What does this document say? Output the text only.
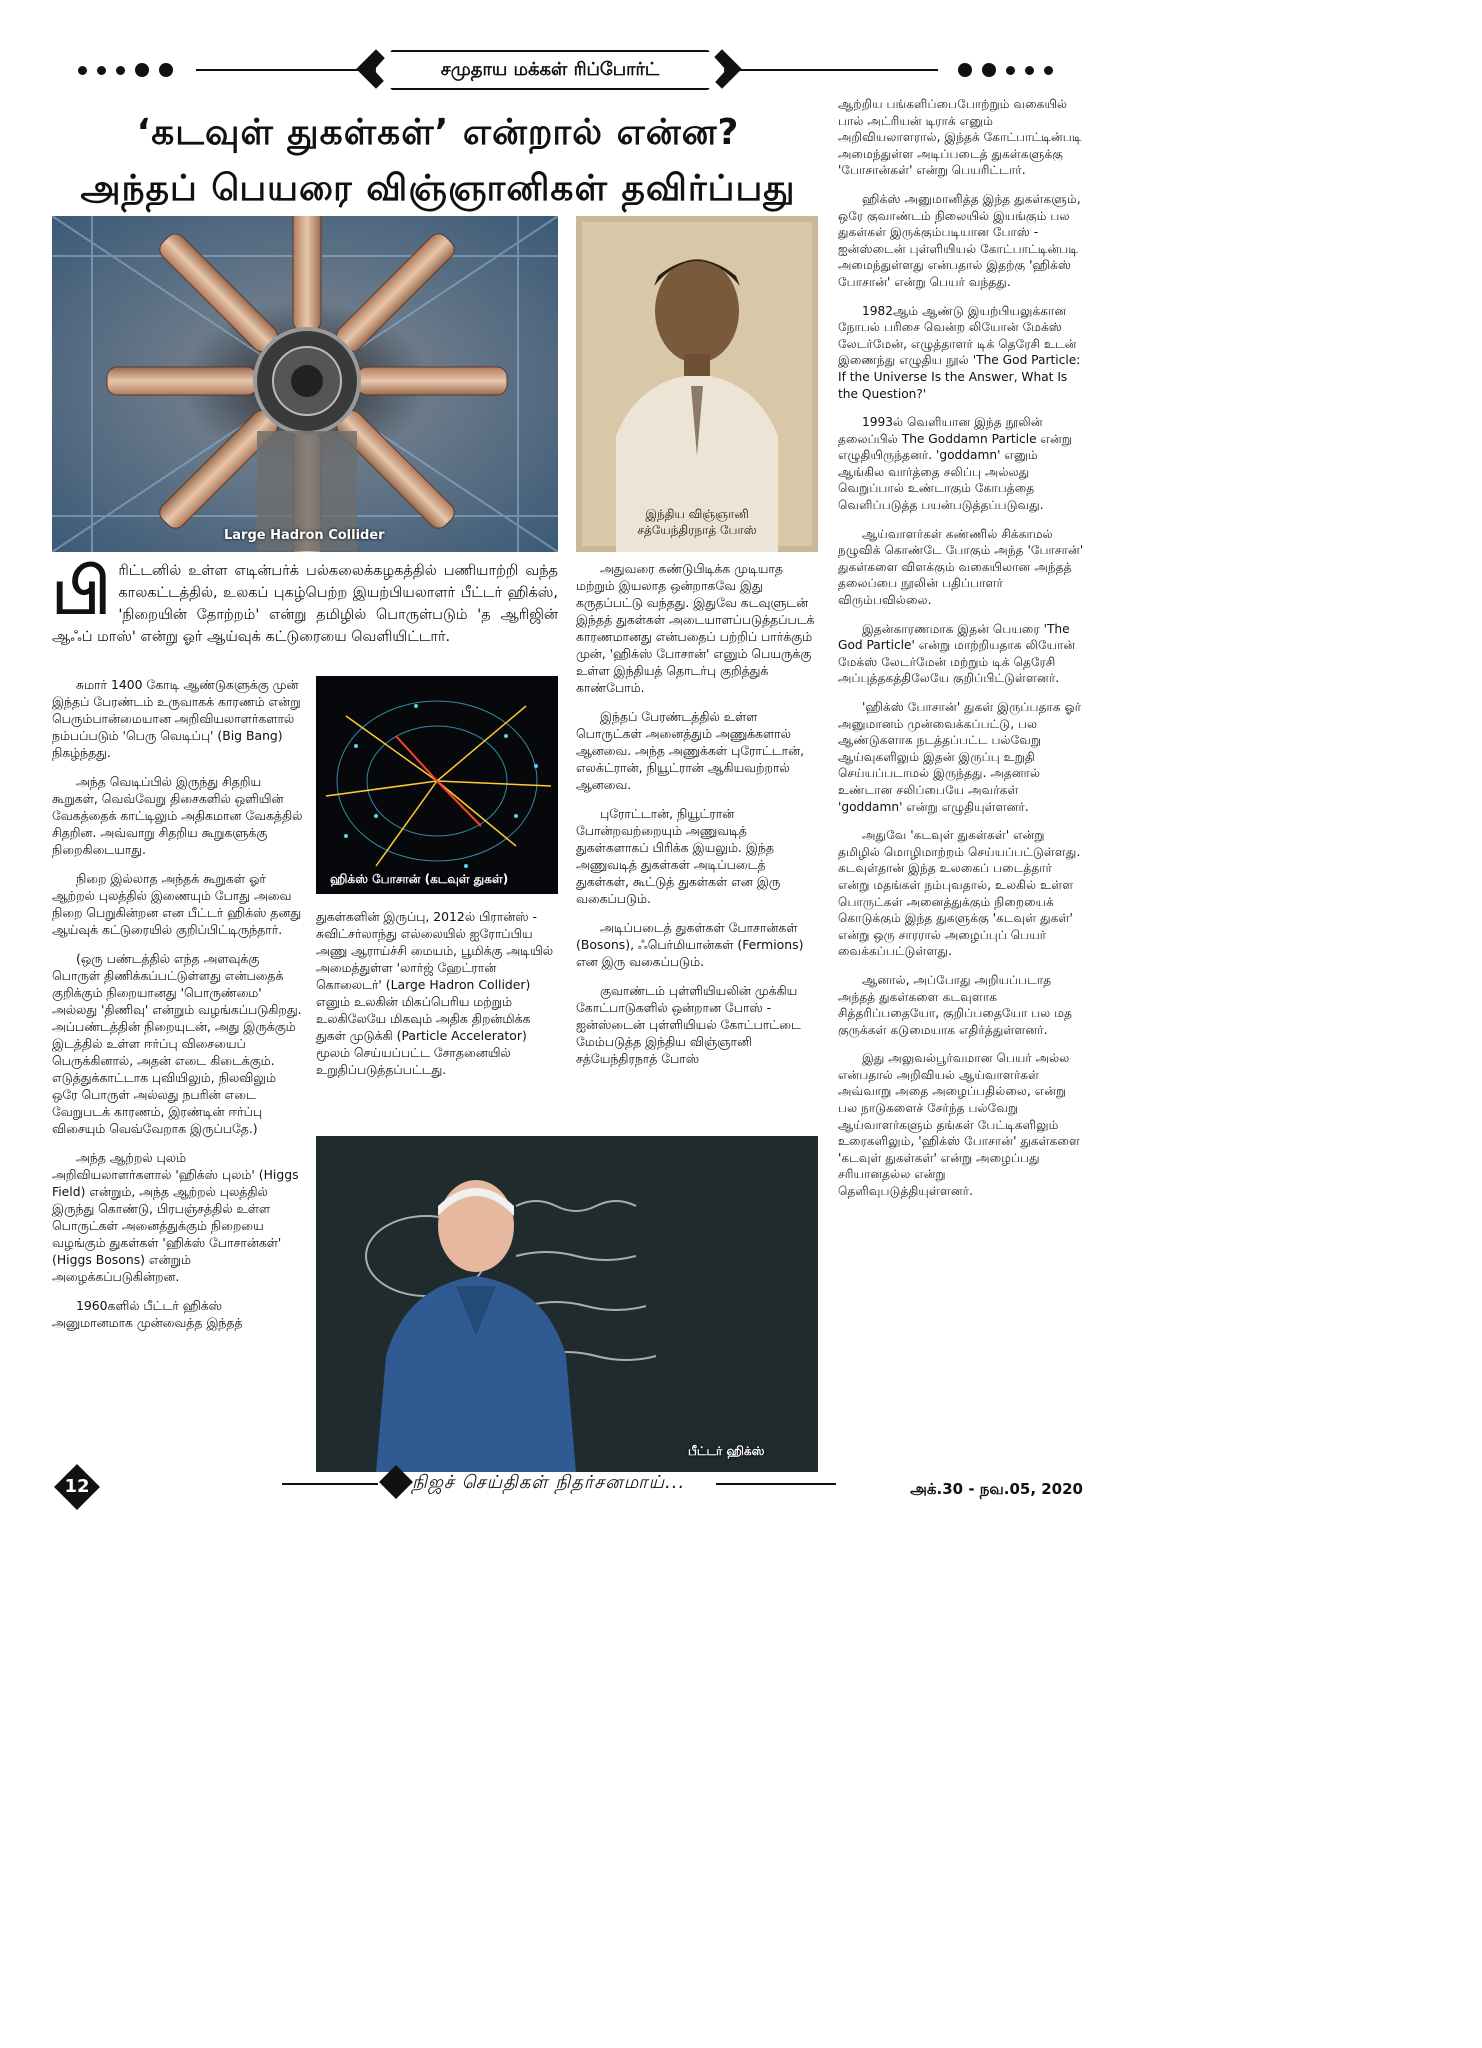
சமுதாய மக்கள் ரிப்போர்ட்
‘கடவுள் துகள்கள்’ என்றால் என்ன?
அந்தப் பெயரை விஞ்ஞானிகள் தவிர்ப்பது
Large Hadron Collider
இந்திய விஞ்ஞானி
சத்யேந்திரநாத் போஸ்
பி ரிட்டனில் உள்ள எடின்பர்க் பல்கலைக்கழகத்தில் பணியாற்றி வந்த காலகட்டத்தில், உலகப் புகழ்பெற்ற இயற்பியலாளர் பீட்டர் ஹிக்ஸ், 'நிறையின் தோற்றம்' என்று தமிழில் பொருள்படும் 'த ஆரிஜின் ஆஃப் மாஸ்' என்று ஓர் ஆய்வுக் கட்டுரையை வெளியிட்டார்.

சுமார் 1400 கோடி ஆண்டுகளுக்கு முன் இந்தப் பேரண்டம் உருவாகக் காரணம் என்று பெரும்பான்மையான அறிவியலாளர்களால் நம்பப்படும் 'பெரு வெடிப்பு' (Big Bang) நிகழ்ந்தது.

அந்த வெடிப்பில் இருந்து சிதறிய கூறுகள், வெவ்வேறு திசைகளில் ஒளியின் வேகத்தைக் காட்டிலும் அதிகமான வேகத்தில் சிதறின. அவ்வாறு சிதறிய கூறுகளுக்கு நிறைகிடையாது.

நிறை இல்லாத அந்தக் கூறுகள் ஓர் ஆற்றல் புலத்தில் இணையும் போது அவை நிறை பெறுகின்றன என பீட்டர் ஹிக்ஸ் தனது ஆய்வுக் கட்டுரையில் குறிப்பிட்டிருந்தார்.

(ஒரு பண்டத்தில் எந்த அளவுக்கு பொருள் திணிக்கப்பட்டுள்ளது என்பதைக் குறிக்கும் நிறையானது 'பொருண்மை' அல்லது 'திணிவு' என்றும் வழங்கப்படுகிறது. அப்பண்டத்தின் நிறையுடன், அது இருக்கும் இடத்தில் உள்ள ஈர்ப்பு விசையைப் பெருக்கினால், அதன் எடை கிடைக்கும். எடுத்துக்காட்டாக புவியிலும், நிலவிலும் ஒரே பொருள் அல்லது நபரின் எடை வேறுபடக் காரணம், இரண்டின் ஈர்ப்பு விசையும் வெவ்வேறாக இருப்பதே.)

அந்த ஆற்றல் புலம் அறிவியலாளர்களால் 'ஹிக்ஸ் புலம்' (Higgs Field) என்றும், அந்த ஆற்றல் புலத்தில் இருந்து கொண்டு, பிரபஞ்சத்தில் உள்ள பொருட்கள் அனைத்துக்கும் நிறையை வழங்கும் துகள்கள் 'ஹிக்ஸ் போசான்கள்' (Higgs Bosons) என்றும் அழைக்கப்படுகின்றன.

1960களில் பீட்டர் ஹிக்ஸ் அனுமானமாக முன்வைத்த இந்தத்

ஹிக்ஸ் போசான் (கடவுள் துகள்)

துகள்களின் இருப்பு, 2012ல் பிரான்ஸ் - சுவிட்சர்லாந்து எல்லையில் ஐரோப்பிய அணு ஆராய்ச்சி மையம், பூமிக்கு அடியில் அமைத்துள்ள 'லார்ஜ் ஹேட்ரான் கொலைடர்' (Large Hadron Collider) எனும் உலகின் மிகப்பெரிய மற்றும் உலகிலேயே மிகவும் அதிக திறன்மிக்க துகள் முடுக்கி (Particle Accelerator) மூலம் செய்யப்பட்ட சோதனையில் உறுதிப்படுத்தப்பட்டது.

அதுவரை கண்டுபிடிக்க முடியாத மற்றும் இயலாத ஒன்றாகவே இது கருதப்பட்டு வந்தது. இதுவே கடவுளுடன் இந்தத் துகள்கள் அடையாளப்படுத்தப்படக் காரணமானது என்பதைப் பற்றிப் பார்க்கும் முன், 'ஹிக்ஸ் போசான்' எனும் பெயருக்கு உள்ள இந்தியத் தொடர்பு குறித்துக் காண்போம்.

இந்தப் பேரண்டத்தில் உள்ள பொருட்கள் அனைத்தும் அணுக்களால் ஆனவை. அந்த அணுக்கள் புரோட்டான், எலக்ட்ரான், நியூட்ரான் ஆகியவற்றால் ஆனவை.

புரோட்டான், நியூட்ரான் போன்றவற்றையும் அணுவடித் துகள்களாகப் பிரிக்க இயலும். இந்த அணுவடித் துகள்கள் அடிப்படைத் துகள்கள், கூட்டுத் துகள்கள் என இரு வகைப்படும்.

அடிப்படைத் துகள்கள் போசான்கள் (Bosons), ஃபெர்மியான்கள் (Fermions) என இரு வகைப்படும்.

குவாண்டம் புள்ளியியலின் முக்கிய கோட்பாடுகளில் ஒன்றான போஸ் - ஐன்ஸ்டைன் புள்ளியியல் கோட்பாட்டை மேம்படுத்த இந்திய விஞ்ஞானி சத்யேந்திரநாத் போஸ்

பீட்டர் ஹிக்ஸ்

ஆற்றிய பங்களிப்பைபோற்றும் வகையில் பால் அட்ரியன் டிராக் எனும் அறிவியலாளரால், இந்தக் கோட்பாட்டின்படி அமைந்துள்ள அடிப்படைத் துகள்களுக்கு 'போசான்கள்' என்று பெயரிட்டார்.

ஹிக்ஸ் அனுமானித்த இந்த துகள்களும், ஒரே குவாண்டம் நிலையில் இயங்கும் பல துகள்கள் இருக்கும்படியான போஸ் - ஐன்ஸ்டைன் புள்ளியியல் கோட்பாட்டின்படி அமைந்துள்ளது என்பதால் இதற்கு 'ஹிக்ஸ் போசான்' என்று பெயர் வந்தது.

1982ஆம் ஆண்டு இயற்பியலுக்கான நோபல் பரிசை வென்ற லியோன் மேக்ஸ் லேடர்மேன், எழுத்தாளர் டிக் தெரேசி உடன் இணைந்து எழுதிய நூல் 'The God Particle: If the Universe Is the Answer, What Is the Question?'

1993ல் வெளியான இந்த நூலின் தலைப்பில் The Goddamn Particle என்று எழுதியிருந்தனர். 'goddamn' எனும் ஆங்கில வார்த்தை சலிப்பு அல்லது வெறுப்பால் உண்டாகும் கோபத்தை வெளிப்படுத்த பயன்படுத்தப்படுவது.

ஆய்வாளர்கள் கண்ணில் சிக்காமல் நழுவிக் கொண்டே போகும் அந்த 'போசான்' துகள்களை விளக்கும் வகையிலான அந்தத் தலைப்பை நூலின் பதிப்பாளர் விரும்பவில்லை.

இதன்காரணமாக இதன் பெயரை 'The God Particle' என்று மாற்றியதாக லியோன் மேக்ஸ் லேடர்மேன் மற்றும் டிக் தெரேசி அப்புத்தகத்திலேயே குறிப்பிட்டுள்ளனர்.

'ஹிக்ஸ் போசான்' துகள் இருப்பதாக ஓர் அனுமானம் முன்வைக்கப்பட்டு, பல ஆண்டுகளாக நடத்தப்பட்ட பல்வேறு ஆய்வுகளிலும் இதன் இருப்பு உறுதி செய்யப்படாமல் இருந்தது. அதனால் உண்டான சலிப்பையே அவர்கள் 'goddamn' என்று எழுதியுள்ளனர்.

அதுவே 'கடவுள் துகள்கள்' என்று தமிழில் மொழிமாற்றம் செய்யப்பட்டுள்ளது. கடவுள்தான் இந்த உலகைப் படைத்தார் என்று மதங்கள் நம்புவதால், உலகில் உள்ள பொருட்கள் அனைத்துக்கும் நிறையைக் கொடுக்கும் இந்த துகளுக்கு 'கடவுள் துகள்' என்று ஒரு சாரரால் அழைப்புப் பெயர் வைக்கப்பட்டுள்ளது.

ஆனால், அப்போது அறியப்படாத அந்தத் துகள்களை கடவுளாக சித்தரிப்பதையோ, குறிப்பதையோ பல மத குருக்கள் கடுமையாக எதிர்த்துள்ளனர்.

இது அலுவல்பூர்வமான பெயர் அல்ல என்பதால் அறிவியல் ஆய்வாளர்கள் அவ்வாறு அதை அழைப்பதில்லை, என்று பல நாடுகளைச் சேர்ந்த பல்வேறு ஆய்வாளர்களும் தங்கள் பேட்டிகளிலும் உரைகளிலும், 'ஹிக்ஸ் போசான்' துகள்களை 'கடவுள் துகள்கள்' என்று அழைப்பது சரியானதல்ல என்று தெளிவுபடுத்தியுள்ளனர்.

12	நிஜச் செய்திகள் நிதர்சனமாய்...	அக்.30 - நவ.05, 2020
